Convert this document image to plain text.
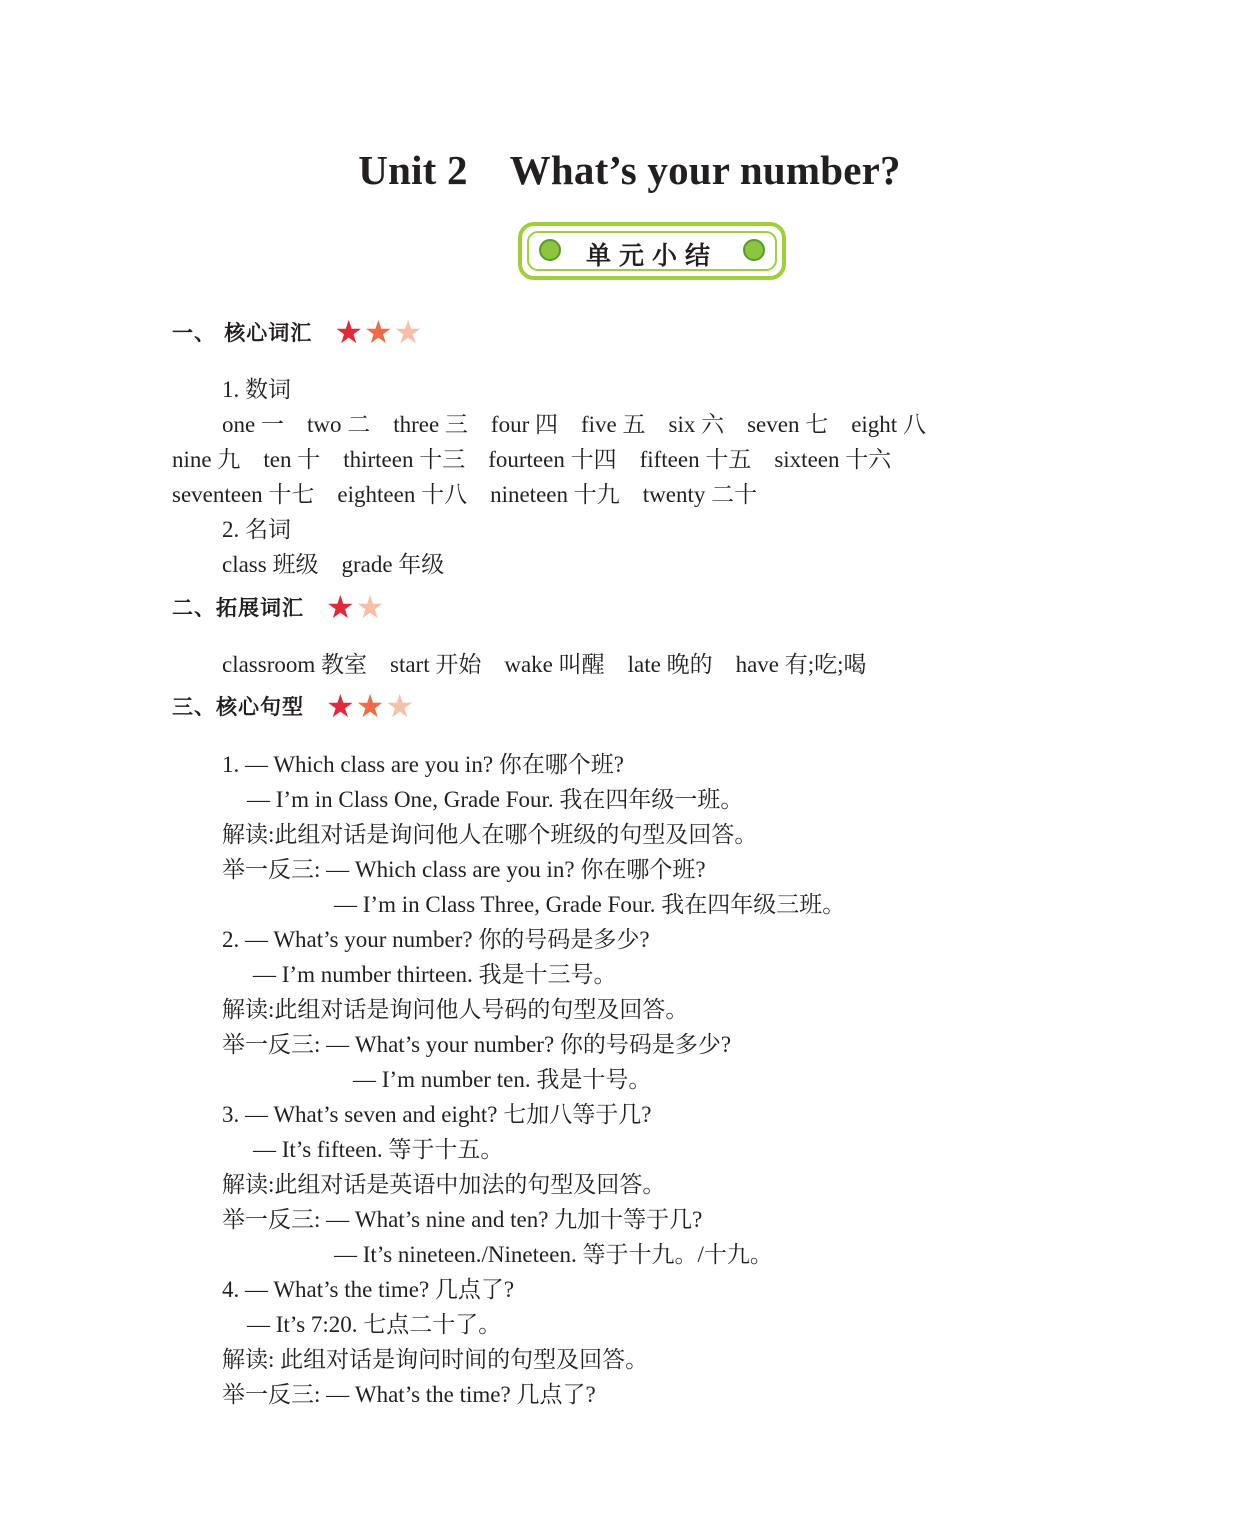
Unit 2 What’s your number?
单元小结
一、 核心词汇 ★ ★ ★
1. 数词
one 一    two 二    three 三    four 四    five 五    six 六    seven 七    eight 八
nine 九    ten 十    thirteen 十三    fourteen 十四    fifteen 十五    sixteen 十六
seventeen 十七    eighteen 十八    nineteen 十九    twenty 二十
2. 名词
class 班级    grade 年级
二、拓展词汇 ★ ★
classroom 教室    start 开始    wake 叫醒    late 晚的    have 有;吃;喝
三、核心句型 ★ ★ ★
1. — Which class are you in? 你在哪个班?
— I’m in Class One, Grade Four. 我在四年级一班。
解读:此组对话是询问他人在哪个班级的句型及回答。
举一反三: — Which class are you in? 你在哪个班?
— I’m in Class Three, Grade Four. 我在四年级三班。
2. — What’s your number? 你的号码是多少?
— I’m number thirteen. 我是十三号。
解读:此组对话是询问他人号码的句型及回答。
举一反三: — What’s your number? 你的号码是多少?
— I’m number ten. 我是十号。
3. — What’s seven and eight? 七加八等于几?
— It’s fifteen. 等于十五。
解读:此组对话是英语中加法的句型及回答。
举一反三: — What’s nine and ten? 九加十等于几?
— It’s nineteen./Nineteen. 等于十九。/十九。
4. — What’s the time? 几点了?
— It’s 7:20. 七点二十了。
解读: 此组对话是询问时间的句型及回答。
举一反三: — What’s the time? 几点了?
